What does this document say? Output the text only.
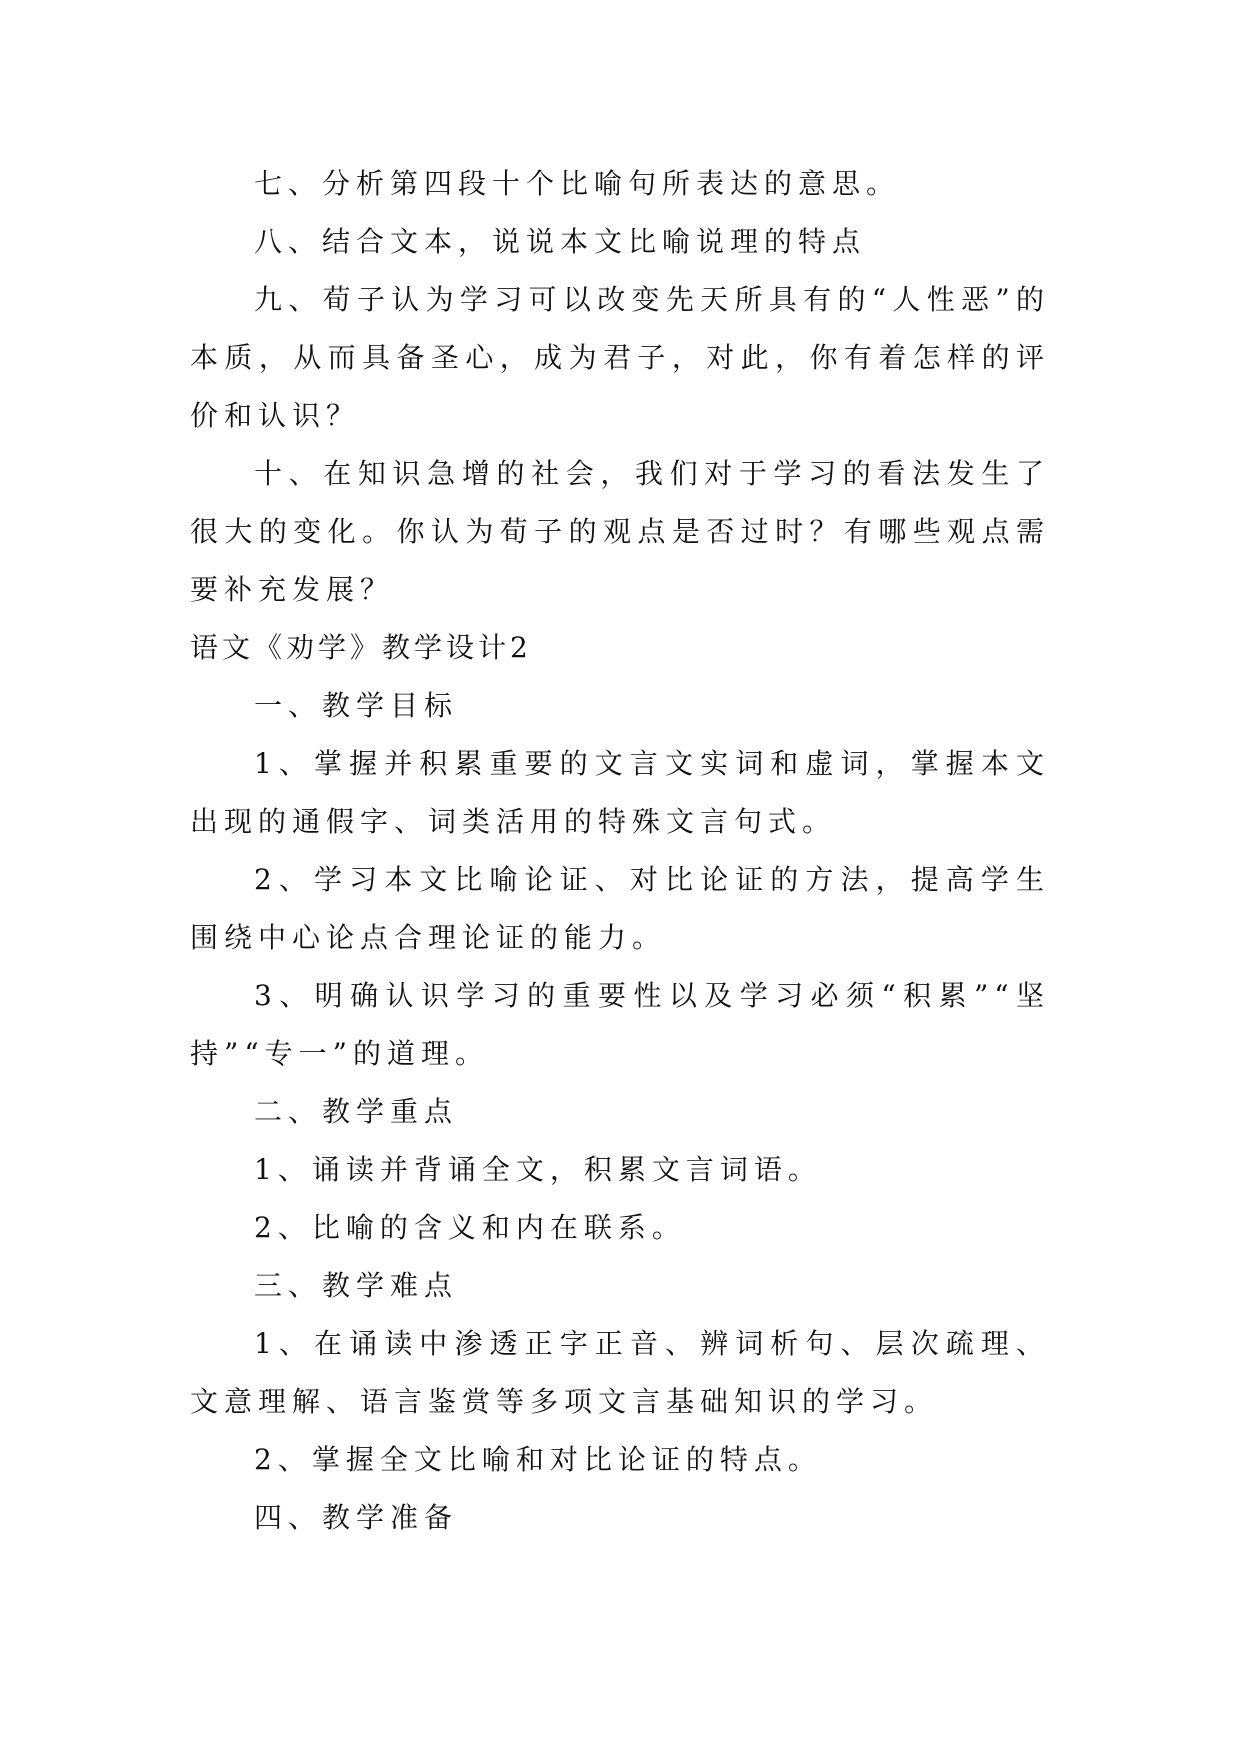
七、分析第四段十个比喻句所表达的意思。

八、结合文本，说说本文比喻说理的特点

九、荀子认为学习可以改变先天所具有的“人性恶”的本质，从而具备圣心，成为君子，对此，你有着怎样的评价和认识？

十、在知识急增的社会，我们对于学习的看法发生了很大的变化。你认为荀子的观点是否过时？有哪些观点需要补充发展？

语文《劝学》教学设计2

一、教学目标

1、掌握并积累重要的文言文实词和虚词，掌握本文出现的通假字、词类活用的特殊文言句式。

2、学习本文比喻论证、对比论证的方法，提高学生围绕中心论点合理论证的能力。

3、明确认识学习的重要性以及学习必须“积累”“坚持”“专一”的道理。

二、教学重点

1、诵读并背诵全文，积累文言词语。

2、比喻的含义和内在联系。

三、教学难点

1、在诵读中渗透正字正音、辨词析句、层次疏理、文意理解、语言鉴赏等多项文言基础知识的学习。

2、掌握全文比喻和对比论证的特点。

四、教学准备
